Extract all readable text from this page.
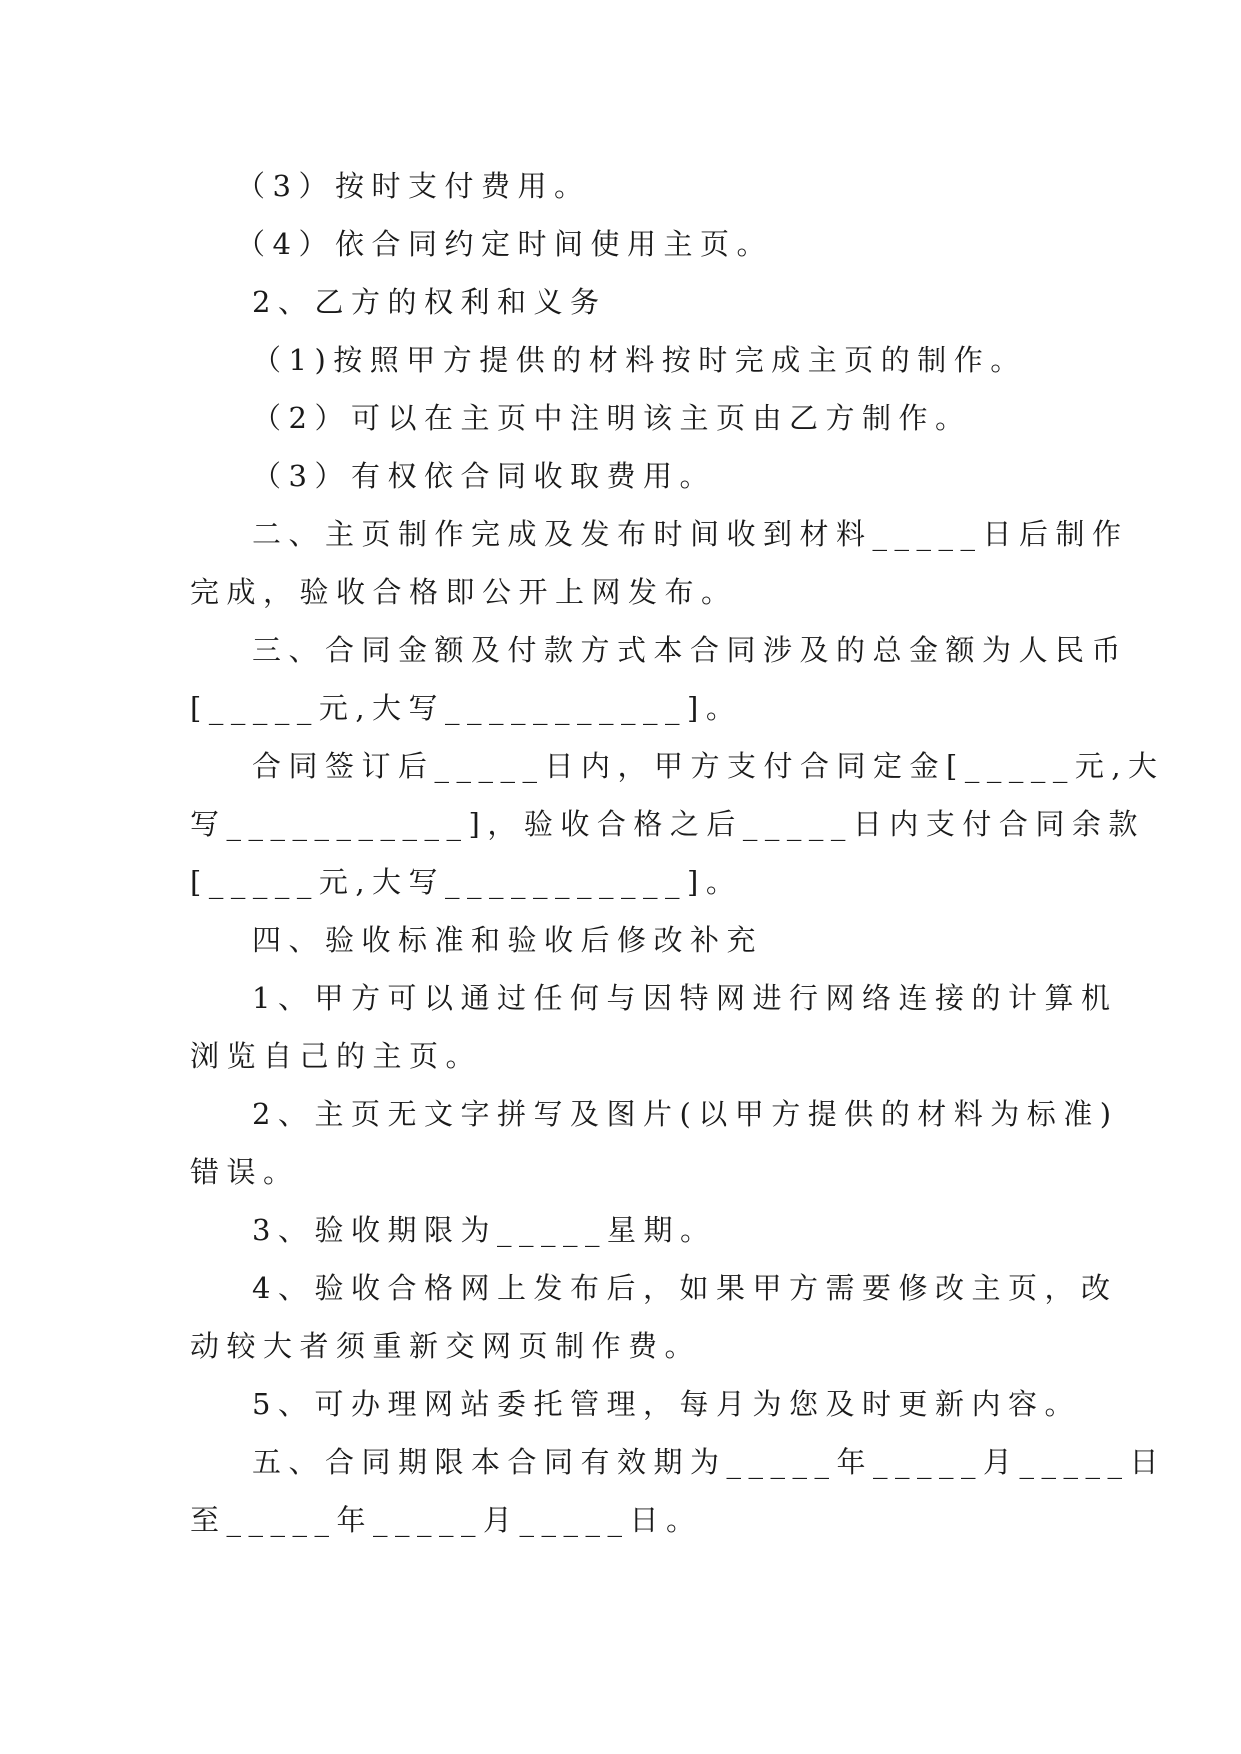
（3）按时支付费用。

（4）依合同约定时间使用主页。

2、乙方的权利和义务

（1)按照甲方提供的材料按时完成主页的制作。

（2）可以在主页中注明该主页由乙方制作。

（3）有权依合同收取费用。

二、主页制作完成及发布时间收到材料_____日后制作

完成，验收合格即公开上网发布。

三、合同金额及付款方式本合同涉及的总金额为人民币

[_____元,大写___________]。

合同签订后_____日内，甲方支付合同定金[_____元,大

写___________]，验收合格之后_____日内支付合同余款

[_____元,大写___________]。

四、验收标准和验收后修改补充

1、甲方可以通过任何与因特网进行网络连接的计算机

浏览自己的主页。

2、主页无文字拼写及图片(以甲方提供的材料为标准)

错误。

3、验收期限为_____星期。

4、验收合格网上发布后，如果甲方需要修改主页，改

动较大者须重新交网页制作费。

5、可办理网站委托管理，每月为您及时更新内容。

五、合同期限本合同有效期为_____年_____月_____日

至_____年_____月_____日。
